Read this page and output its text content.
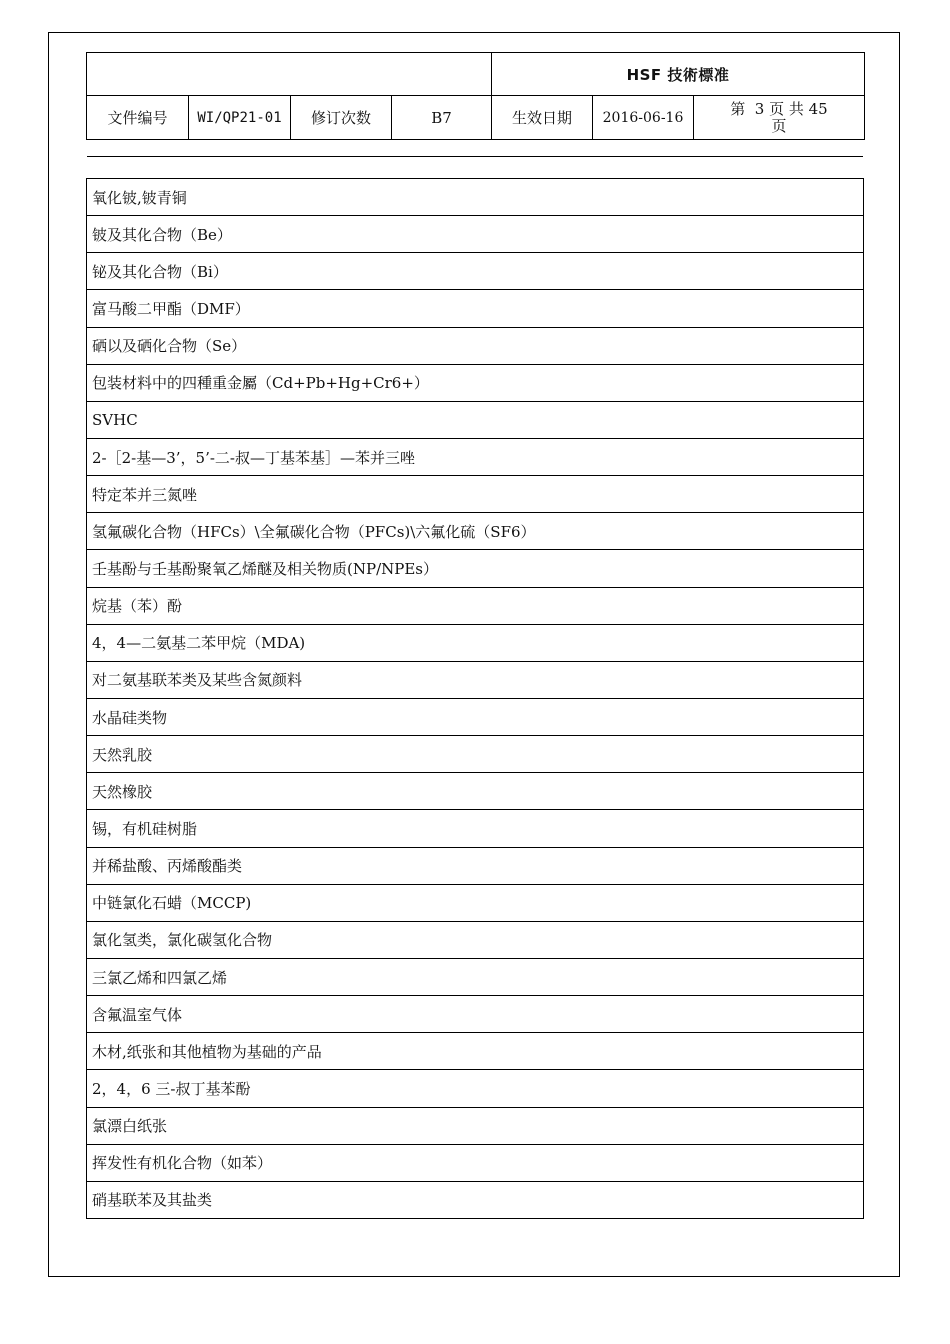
				HSF 技術標准		
文件编号	WI/QP21-01	修订次数	B7	生效日期	2016-06-16	第  3 页 共 45
页
氧化铍,铍青铜
铍及其化合物（Be）
铋及其化合物（Bi）
富马酸二甲酯（DMF）
硒以及硒化合物（Se）
包装材料中的四種重金屬（Cd+Pb+Hg+Cr6+）
SVHC
2-［2-基—3’，5’-二-叔—丁基苯基］—苯并三唑
特定苯并三氮唑
氢氟碳化合物（HFCs）\全氟碳化合物（PFCs)\六氟化硫（SF6）
壬基酚与壬基酚聚氧乙烯醚及相关物质(NP/NPEs）
烷基（苯）酚
4，4—二氨基二苯甲烷（MDA)
对二氨基联苯类及某些含氮颜料
水晶硅类物
天然乳胶
天然橡胶
锡，有机硅树脂
并稀盐酸、丙烯酸酯类
中链氯化石蜡（MCCP)
氯化氢类，氯化碳氢化合物
三氯乙烯和四氯乙烯
含氟温室气体
木材,纸张和其他植物为基础的产品
2，4，6 三-叔丁基苯酚
氯漂白纸张
挥发性有机化合物（如苯）
硝基联苯及其盐类
